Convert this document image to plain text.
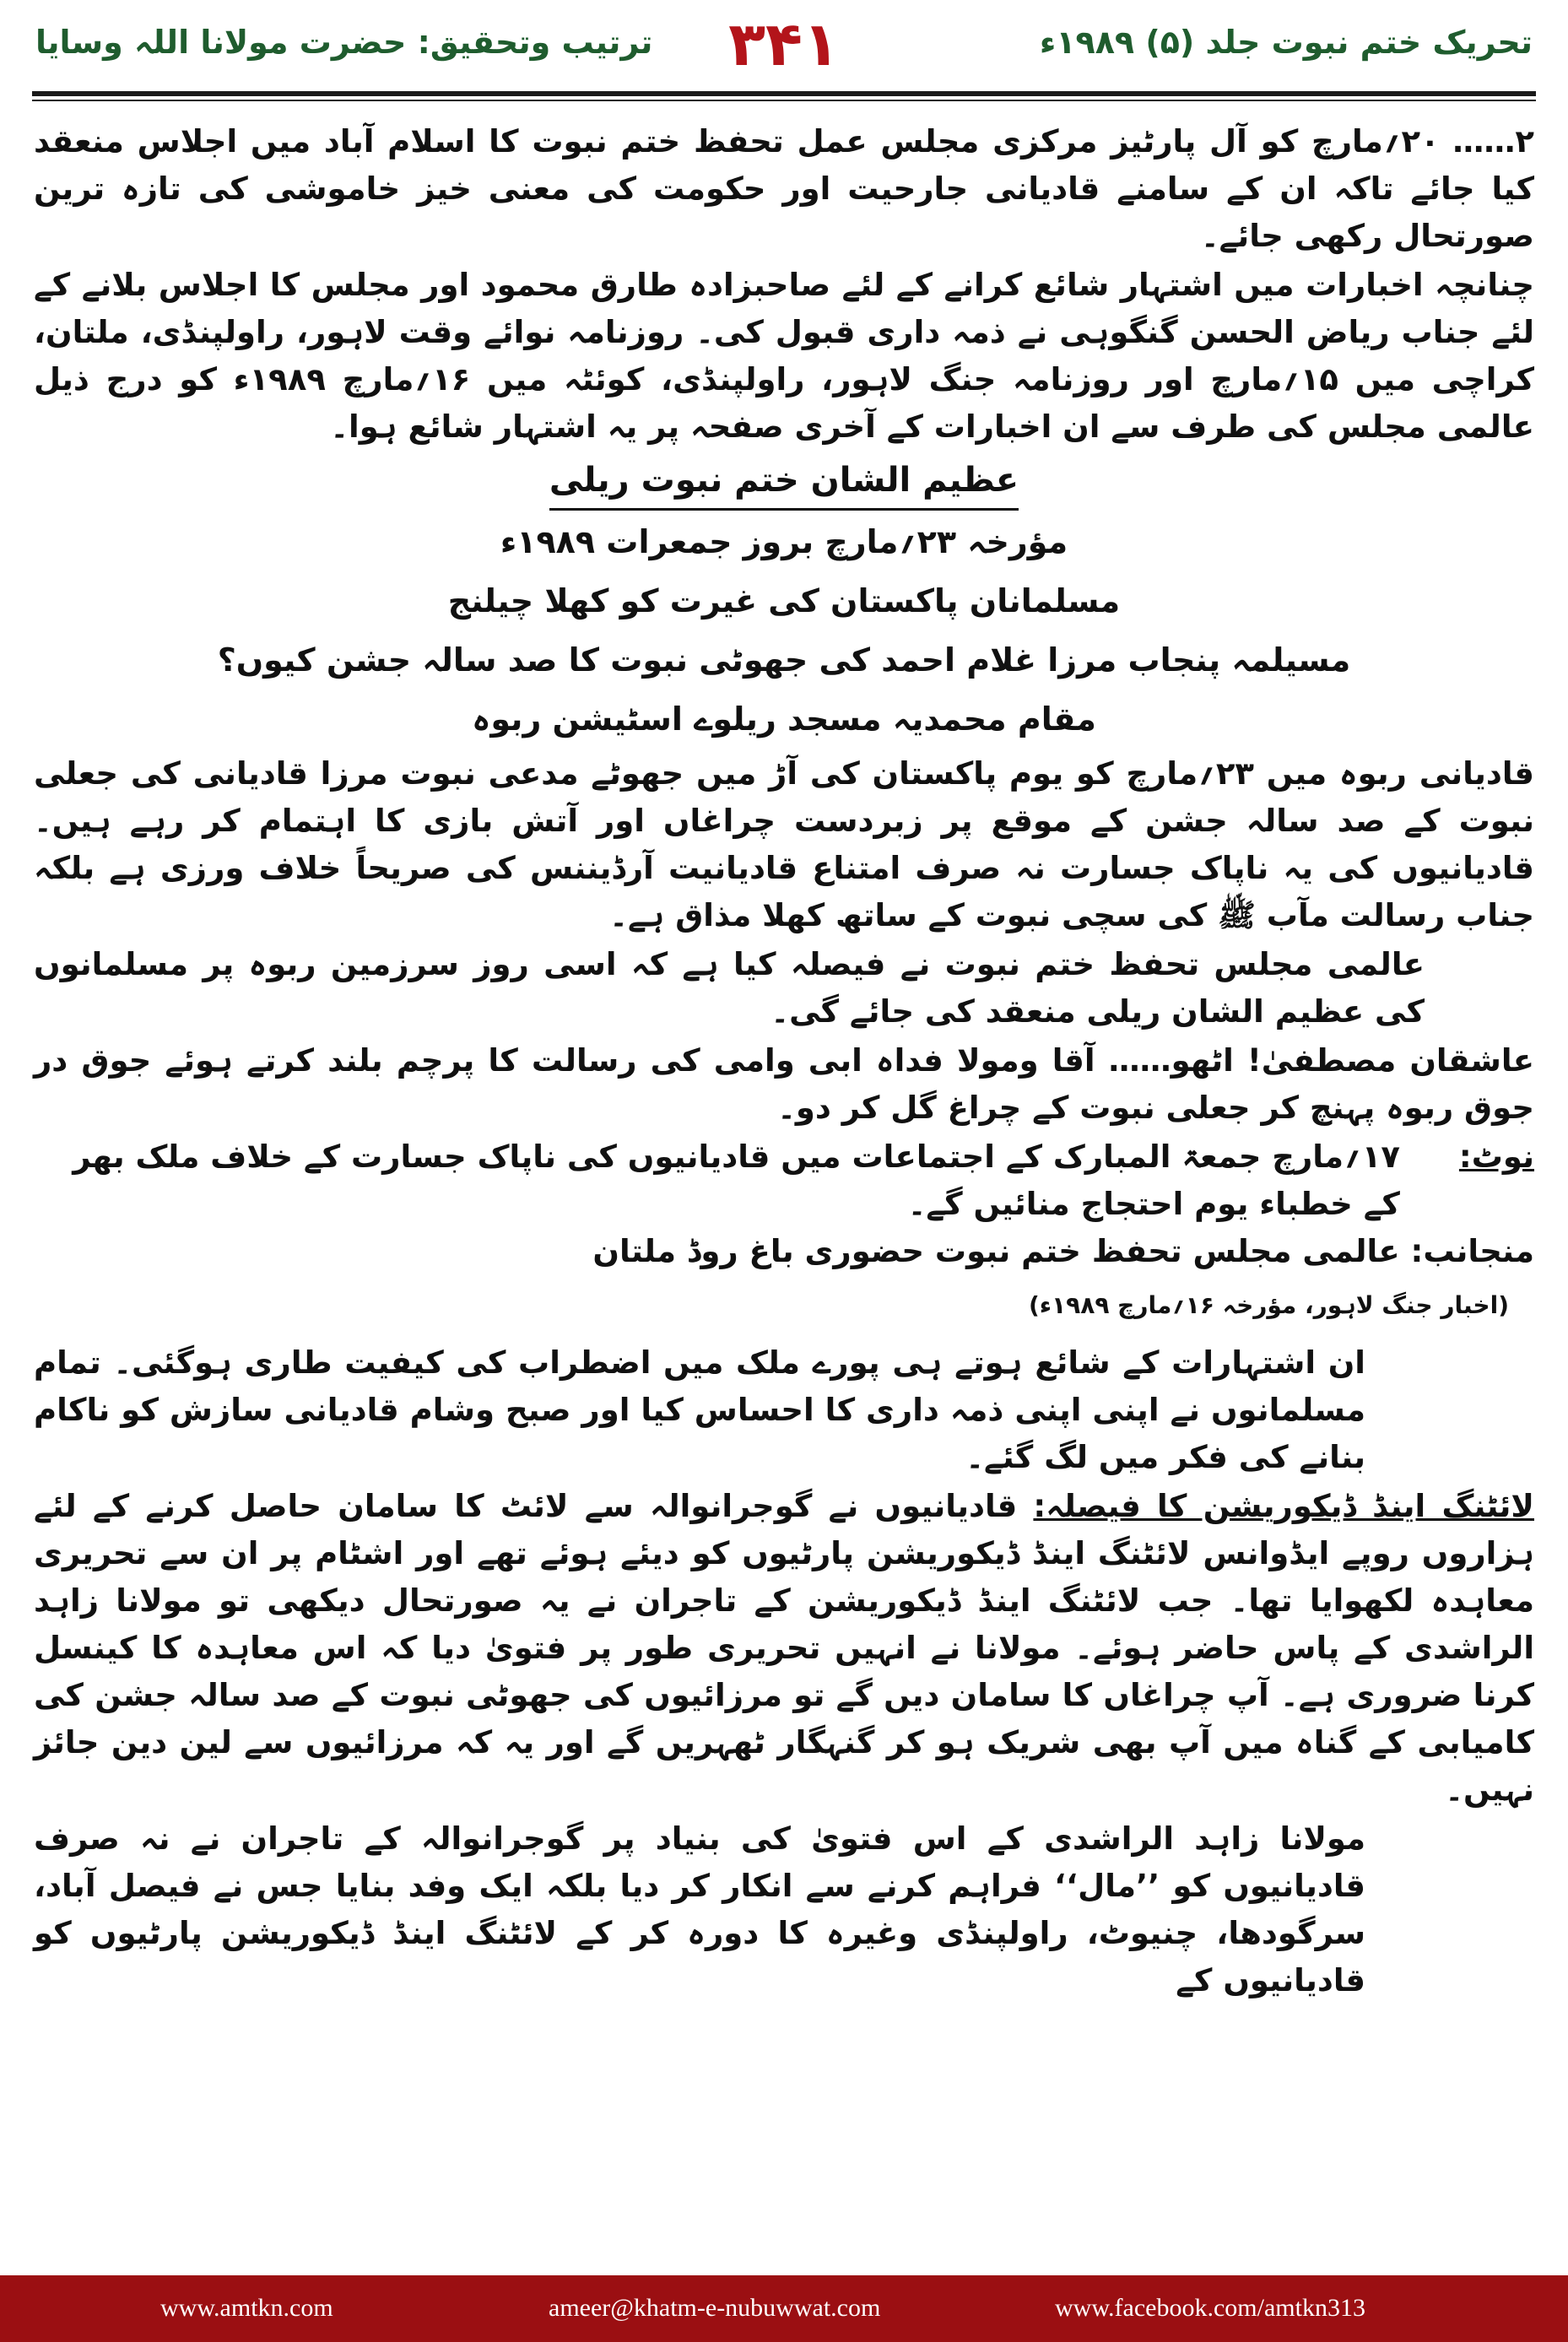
تحریک ختم نبوت جلد (۵) ۱۹۸۹ء
۳۴۱
ترتیب وتحقیق: حضرت مولانا اللہ وسایا

۲…… ۲۰؍مارچ کو آل پارٹیز مرکزی مجلس عمل تحفظ ختم نبوت کا اسلام آباد میں اجلاس منعقد کیا جائے تاکہ ان کے سامنے قادیانی جارحیت اور حکومت کی معنی خیز خاموشی کی تازہ ترین صورتحال رکھی جائے۔

چنانچہ اخبارات میں اشتہار شائع کرانے کے لئے صاحبزادہ طارق محمود اور مجلس کا اجلاس بلانے کے لئے جناب ریاض الحسن گنگوہی نے ذمہ داری قبول کی۔ روزنامہ نوائے وقت لاہور، راولپنڈی، ملتان، کراچی میں ۱۵؍مارچ اور روزنامہ جنگ لاہور، راولپنڈی، کوئٹہ میں ۱۶؍مارچ ۱۹۸۹ء کو درج ذیل عالمی مجلس کی طرف سے ان اخبارات کے آخری صفحہ پر یہ اشتہار شائع ہوا۔

عظیم الشان ختم نبوت ریلی
مؤرخہ ۲۳؍مارچ بروز جمعرات ۱۹۸۹ء
مسلمانان پاکستان کی غیرت کو کھلا چیلنج
مسیلمہ پنجاب مرزا غلام احمد کی جھوٹی نبوت کا صد سالہ جشن کیوں؟
مقام محمدیہ مسجد ریلوے اسٹیشن ربوہ

قادیانی ربوہ میں ۲۳؍مارچ کو یوم پاکستان کی آڑ میں جھوٹے مدعی نبوت مرزا قادیانی کی جعلی نبوت کے صد سالہ جشن کے موقع پر زبردست چراغاں اور آتش بازی کا اہتمام کر رہے ہیں۔ قادیانیوں کی یہ ناپاک جسارت نہ صرف امتناع قادیانیت آرڈیننس کی صریحاً خلاف ورزی ہے بلکہ جناب رسالت مآب ﷺ کی سچی نبوت کے ساتھ کھلا مذاق ہے۔

عالمی مجلس تحفظ ختم نبوت نے فیصلہ کیا ہے کہ اسی روز سرزمین ربوہ پر مسلمانوں کی عظیم الشان ریلی منعقد کی جائے گی۔

عاشقان مصطفیٰ! اٹھو…… آقا ومولا فداہ ابی وامی کی رسالت کا پرچم بلند کرتے ہوئے جوق در جوق ربوہ پہنچ کر جعلی نبوت کے چراغ گل کر دو۔

نوٹ:
۱۷؍مارچ جمعۃ المبارک کے اجتماعات میں قادیانیوں کی ناپاک جسارت کے خلاف ملک بھر کے خطباء یوم احتجاج منائیں گے۔

منجانب: عالمی مجلس تحفظ ختم نبوت حضوری باغ روڈ ملتان

(اخبار جنگ لاہور، مؤرخہ ۱۶؍مارچ ۱۹۸۹ء)

ان اشتہارات کے شائع ہوتے ہی پورے ملک میں اضطراب کی کیفیت طاری ہوگئی۔ تمام مسلمانوں نے اپنی اپنی ذمہ داری کا احساس کیا اور صبح وشام قادیانی سازش کو ناکام بنانے کی فکر میں لگ گئے۔

لائٹنگ اینڈ ڈیکوریشن کا فیصلہ: قادیانیوں نے گوجرانوالہ سے لائٹ کا سامان حاصل کرنے کے لئے ہزاروں روپے ایڈوانس لائٹنگ اینڈ ڈیکوریشن پارٹیوں کو دیئے ہوئے تھے اور اشٹام پر ان سے تحریری معاہدہ لکھوایا تھا۔ جب لائٹنگ اینڈ ڈیکوریشن کے تاجران نے یہ صورتحال دیکھی تو مولانا زاہد الراشدی کے پاس حاضر ہوئے۔ مولانا نے انہیں تحریری طور پر فتویٰ دیا کہ اس معاہدہ کا کینسل کرنا ضروری ہے۔ آپ چراغاں کا سامان دیں گے تو مرزائیوں کی جھوٹی نبوت کے صد سالہ جشن کی کامیابی کے گناہ میں آپ بھی شریک ہو کر گنہگار ٹھہریں گے اور یہ کہ مرزائیوں سے لین دین جائز نہیں۔

مولانا زاہد الراشدی کے اس فتویٰ کی بنیاد پر گوجرانوالہ کے تاجران نے نہ صرف قادیانیوں کو ’’مال‘‘ فراہم کرنے سے انکار کر دیا بلکہ ایک وفد بنایا جس نے فیصل آباد، سرگودھا، چنیوٹ، راولپنڈی وغیرہ کا دورہ کر کے لائٹنگ اینڈ ڈیکوریشن پارٹیوں کو قادیانیوں کے

www.amtkn.com	ameer@khatm-e-nubuwwat.com	www.facebook.com/amtkn313
